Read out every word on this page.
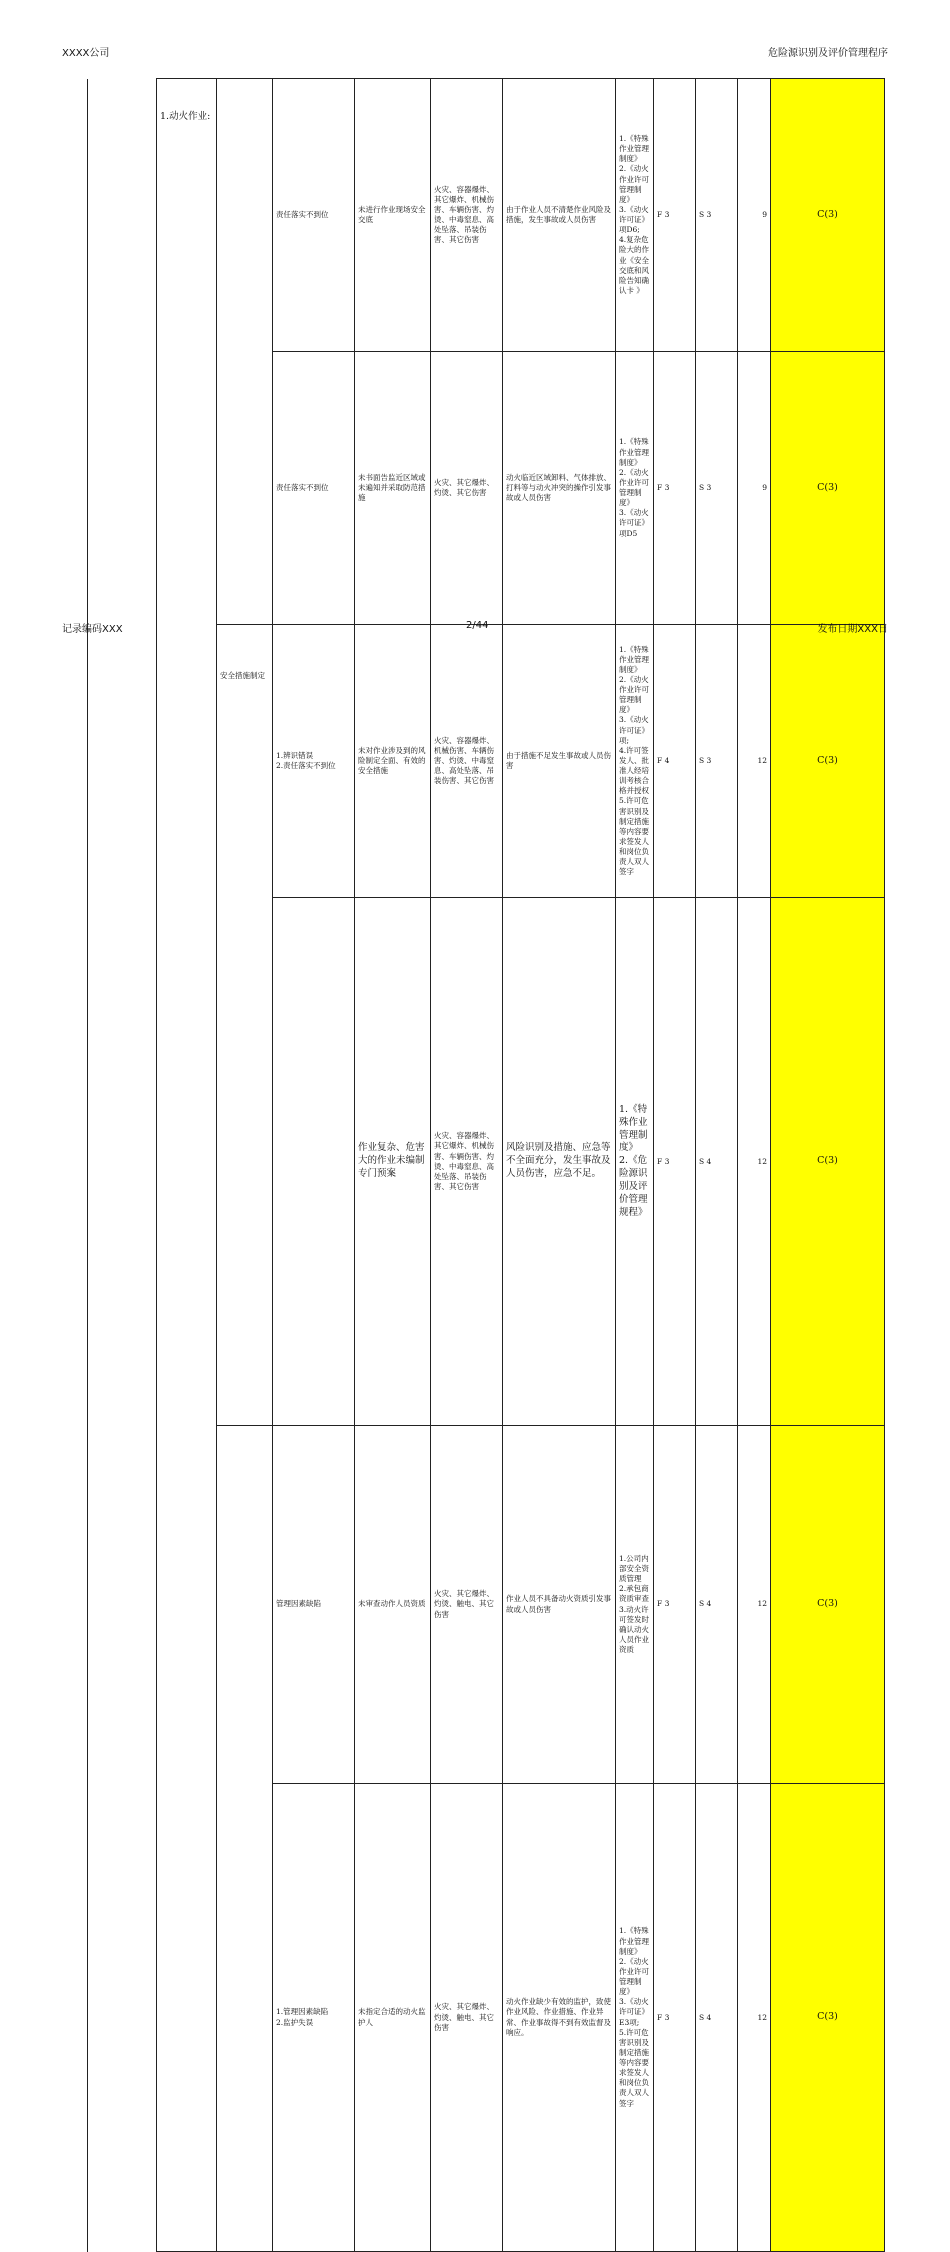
XXXX公司	危险源识别及评价管理程序
	1.动火作业:		责任落实不到位	未进行作业现场安全交底	火灾、容器爆炸、其它爆炸、机械伤害、车辆伤害、灼烫、中毒窒息、高处坠落、吊装伤害、其它伤害	由于作业人员不清楚作业风险及措施，发生事故或人员伤害	1.《特殊作业管理制度》
2.《动火作业许可管理制度》
3.《动火许可证》项D6;
4.复杂危险大的作业《安全交底和风险告知确认卡 》	F 3	S 3	9	C(3)	
			责任落实不到位	未书面告监近区域或未遍知并采取防范措施	火灾、其它爆炸、灼烫、其它伤害	动火临近区域卸料、气体排放、打料等与动火冲突的操作引发事故或人员伤害	1.《特殊作业管理制度》
2.《动火作业许可管理制度》
3.《动火许可证》项D5	F 3	S 3	9	C(3)	
		安全措施制定	1.辨识错误
2.责任落实不到位	未对作业涉及到的风险制定全面、有效的安全措施	火灾、容器爆炸、机械伤害、车辆伤害、灼烫、中毒窒息、高处坠落、吊装伤害、其它伤害	由于措施不足发生事故或人员伤害	1.《特殊作业管理制度》
2.《动火作业许可管理制度》
3.《动火许可证》项;
4.许可签发人、批准人经培训考核合格并授权
5.许可危害识别及制定措施等内容要求签发人和岗位负责人双人签字	F 4	S 3	12	C(3)	
				作业复杂、危害大的作业未编制专门预案	火灾、容器爆炸、其它爆炸、机械伤害、车辆伤害、灼烫、中毒窒息、高处坠落、吊装伤害、其它伤害	风险识别及措施、应急等不全面充分，发生事故及人员伤害，应急不足。	1.《特殊作业管理制度》
2.《危险源识别及评价管理规程》	F 3	S 4	12	C(3)	
			管理因素缺陷	未审查动作人员资质	火灾、其它爆炸、灼烫、触电、其它伤害	作业人员不具备动火资质引发事故或人员伤害	1.公司内部安全资质管理
2.承包商资质审查
3.动火许可签发时确认动火人员作业资质	F 3	S 4	12	C(3)	
			1.管理因素缺陷
2.监护失误	未指定合适的动火监护人	火灾、其它爆炸、灼烫、触电、其它伤害	动火作业缺少有效的监护，致使作业风险、作业措施、作业异常、作业事故得不到有效监督及响应。	1.《特殊作业管理制度》
2.《动火作业许可管理制度》
3.《动火许可证》E3项;
5.许可危害识别及制定措施等内容要求签发人和岗位负责人双人签字	F 3	S 4	12	C(3)	
记录编码XXX	2/44	发布日期XXX日
